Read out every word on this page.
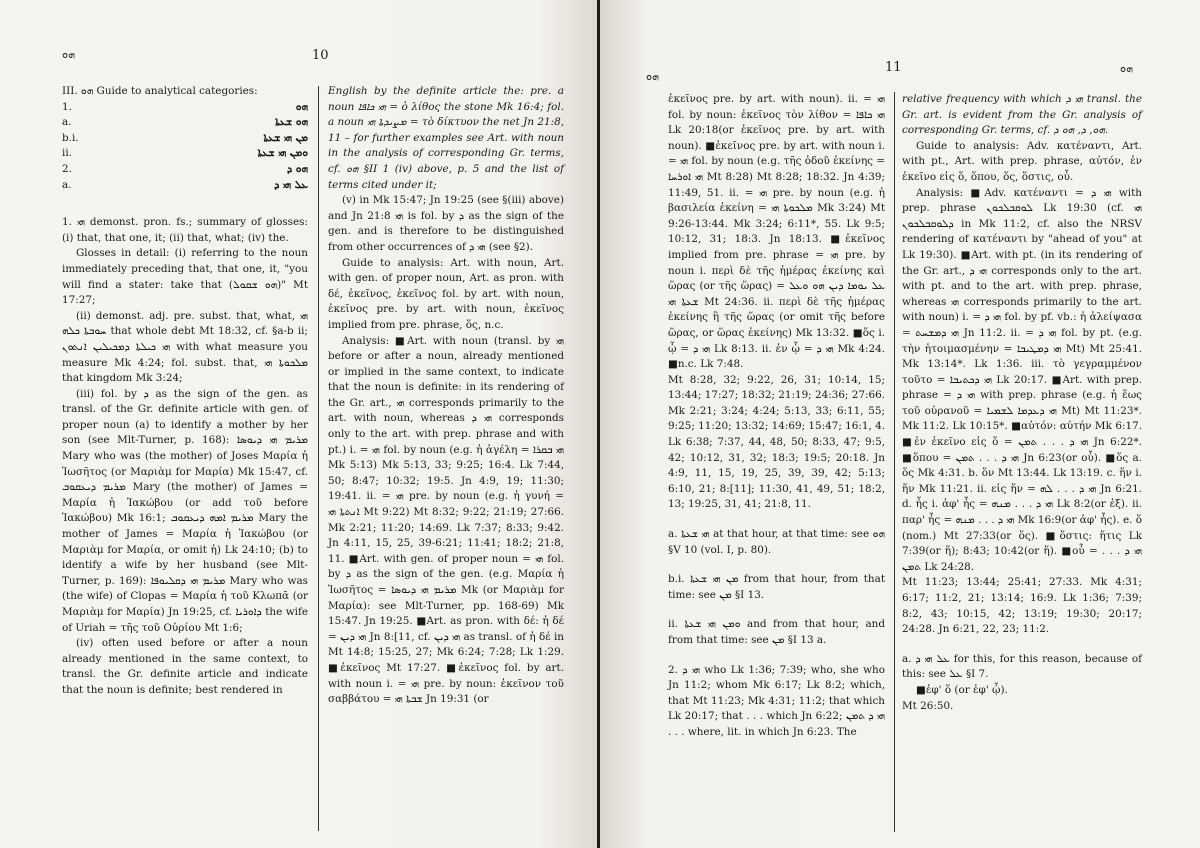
ܗܘ	10

III. ܗܘ Guide to analytical categories:

1.	ܗܘ
a.	ܗܘ ܫܥܬܐ
b.i.	ܡܢ ܗܝ ܫܥܬܐ
ii.	ܘܡܢ ܗܝ ܫܥܬܐ
2.	ܗܘ ܕ
a.	ܥܠ ܗܝ ܕ

1. ܗܝ demonst. pron. fs.; summary of glosses: (i) that, that one, it; (ii) that, what; (iv) the.

Glosses in detail: (i) referring to the noun immediately preceding that, that one, it, "you will find a stater: take that (ܗܘ ܫܩܘܠ)" Mt 17:27;

(ii) demonst. adj. pre. subst. that, what, ܗܝ ܚܘܒܬܐ ܟܠܗ that whole debt Mt 18:32, cf. §a-b ii; ܗܝ ܟܝܠܬܐ ܕܡܟܝܠܝܢ ܐܢܬܘܢ with what measure you measure Mk 4:24; fol. subst. that, ܡܠܟܘܬܐ ܗܝ that kingdom Mk 3:24;

(iii) fol. by ܕ as the sign of the gen. as transl. of the Gr. definite article with gen. of proper noun (a) to identify a mother by her son (see Mlt-Turner, p. 168): ܡܪܝܡ ܗܝ ܕܝܘܣܐ Mary who was (the mother) of Joses Μαρία ἡ Ἰωσῆτος (or Μαριὰμ for Μαρία) Mk 15:47, cf. ܡܪܝܡ ܕܝܥܩܘܒ Mary (the mother) of James = Μαρία ἡ Ἰακώβου (or add τοῦ before Ἰακώβου) Mk 16:1; ܡܪܝܡ ܐܡܗ ܕܝܥܩܘܒ Mary the mother of James = Μαρία ἡ Ἰακώβου (or Μαριὰμ for Μαρία, or omit ἡ) Lk 24:10; (b) to identify a wife by her husband (see Mlt-Turner, p. 169): ܡܪܝܡ ܗܝ ܕܩܠܝܘܦܐ Mary who was (the wife) of Clopas = Μαρία ἡ τοῦ Κλωπᾶ (or Μαριὰμ for Μαρία) Jn 19:25, cf. ܕܐܘܪܝܐ the wife of Uriah = τῆς τοῦ Οὐρίου Mt 1:6;

(iv) often used before or after a noun already mentioned in the same context, to transl. the Gr. definite article and indicate that the noun is definite; best rendered in

English by the definite article the: pre. a noun ܗܝ ܟܐܦܐ = ὁ λίθος the stone Mk 16:4; fol. a noun ܡܨܝܕܬܐ ܗܝ = τὸ δίκτυον the net Jn 21:8, 11 – for further examples see Art. with noun in the analysis of corresponding Gr. terms, cf. ܗܘ §II 1 (iv) above, p. 5 and the list of terms cited under it;

(v) in Mk 15:47; Jn 19:25 (see §(iii) above) and Jn 21:8 ܗܝ is fol. by ܕ as the sign of the gen. and is therefore to be distinguished from other occurrences of ܗܝ ܕ (see §2).

Guide to analysis: Art. with noun, Art. with gen. of proper noun, Art. as pron. with δέ, ἐκεῖνος, ἐκεῖνος fol. by art. with noun, ἐκεῖνος pre. by art. with noun, ἐκεῖνος implied from pre. phrase, ὅς, n.c.

Analysis: ■Art. with noun (transl. by ܗܝ before or after a noun, already mentioned or implied in the same context, to indicate that the noun is definite: in its rendering of the Gr. art., ܗܝ corresponds primarily to the art. with noun, whereas ܗܝ ܕ corresponds only to the art. with prep. phrase and with pt.) i. = ܗܝ fol. by noun (e.g. ἡ ἀγέλη = ܗܝ ܒܩܪܐ Mk 5:13) Mk 5:13, 33; 9:25; 16:4. Lk 7:44, 50; 8:47; 10:32; 19:5. Jn 4:9, 19; 11:30; 19:41. ii. = ܗܝ pre. by noun (e.g. ἡ γυνή = ܐܢܬܬܐ ܗܝ Mt 9:22) Mt 8:32; 9:22; 21:19; 27:66. Mk 2:21; 11:20; 14:69. Lk 7:37; 8:33; 9:42. Jn 4:11, 15, 25, 39-6:21; 11:41; 18:2; 21:8, 11. ■Art. with gen. of proper noun = ܗܝ fol. by ܕ as the sign of the gen. (e.g. Μαρία ἡ Ἰωσῆτος = ܡܪܝܡ ܗܝ ܕܝܘܣܐ Mk (or Μαριὰμ for Μαρία): see Mlt-Turner, pp. 168-69) Mk 15:47. Jn 19:25. ■Art. as pron. with δέ: ἡ δέ = ܗܝ ܕܝܢ Jn 8:[11, cf. ܗܝ ܕܝܢ as transl. of ἡ δέ in Mt 14:8; 15:25, 27; Mk 6:24; 7:28; Lk 1:29. ■ἐκεῖνος Mt 17:27. ■ἐκεῖνος fol. by art. with noun i. = ܗܝ pre. by noun: ἐκεῖνον τοῦ σαββάτου = ܫܒܬܐ ܗܝ Jn 19:31 (or

ܗܘ
11	ܗܘ

ἐκεῖνος pre. by art. with noun). ii. = ܗܝ fol. by noun: ἐκεῖνος τὸν λίθον = ܗܝ ܟܐܦܐ Lk 20:18(or ἐκεῖνος pre. by art. with noun). ■ἐκεῖνος pre. by art. with noun i. = ܗܝ fol. by noun (e.g. τῆς ὁδοῦ ἐκείνης = ܗܝ ܐܘܪܚܐ Mt 8:28) Mt 8:28; 18:32. Jn 4:39; 11:49, 51. ii. = ܗܝ pre. by noun (e.g. ἡ βασιλεία ἐκείνη = ܡܠܟܘܬܐ ܗܝ Mk 3:24) Mt 9:26-13:44. Mk 3:24; 6:11*, 55. Lk 9:5; 10:12, 31; 18:3. Jn 18:13. ■ἐκεῖνος implied from pre. phrase = ܗܝ pre. by noun i. περὶ δὲ τῆς ἡμέρας ἐκείνης καὶ ὥρας (or τῆς ὥρας) = ܥܠ ܝܘܡܐ ܕܝܢ ܗܘ ܘܥܠ ܫܥܬܐ ܗܝ Mt 24:36. ii. περὶ δὲ τῆς ἡμέρας ἐκείνης ἢ τῆς ὥρας (or omit τῆς before ὥρας, or ὥρας ἐκείνης) Mk 13:32. ■ὅς i. ᾧ = ܗܝ ܕ Lk 8:13. ii. ἐν ᾧ = ܗܝ ܕ Mk 4:24. ■n.c. Lk 7:48.

Mt 8:28, 32; 9:22, 26, 31; 10:14, 15; 13:44; 17:27; 18:32; 21:19; 24:36; 27:66. Mk 2:21; 3:24; 4:24; 5:13, 33; 6:11, 55; 9:25; 11:20; 13:32; 14:69; 15:47; 16:1, 4. Lk 6:38; 7:37, 44, 48, 50; 8:33, 47; 9:5, 42; 10:12, 31, 32; 18:3; 19:5; 20:18. Jn 4:9, 11, 15, 19, 25, 39, 39, 42; 5:13; 6:10, 21; 8:[11]; 11:30, 41, 49, 51; 18:2, 13; 19:25, 31, 41; 21:8, 11.

a. ܗܝ ܫܥܬܐ at that hour, at that time: see ܗܘ §V 10 (vol. I, p. 80).

b.i. ܡܢ ܗܝ ܫܥܬܐ from that hour, from that time: see ܡܢ §I 13.

ii. ܘܡܢ ܗܝ ܫܥܬܐ and from that hour, and from that time: see ܡܢ §I 13 a.

2. ܗܝ ܕ who Lk 1:36; 7:39; who, she who Jn 11:2; whom Mk 6:17; Lk 8:2; which, that Mt 11:23; Mk 4:31; 11:2; that which Lk 20:17; that . . . which Jn 6:22; ܗܝ ܕ ܬܡܢ . . . where, lit. in which Jn 6:23. The

relative frequency with which ܗܝ ܕ transl. the Gr. art. is evident from the Gr. analysis of corresponding Gr. terms, cf. ܗܘ, ܕ, ܗܘ ܕ.

Guide to analysis: Adv. κατέναντι, Art. with pt., Art. with prep. phrase, αὐτόν, ἐν ἐκεῖνο εἰς ὅ, ὅπου, ὅς, ὅστις, οὗ.

Analysis: ■Adv. κατέναντι = ܗܝ ܕ with prep. phrase ܠܘܩܒܠܟܘܢ Lk 19:30 (cf. ܗܝ ܕܠܘܩܒܠܟܘܢ in Mk 11:2, cf. also the NRSV rendering of κατέναντι by "ahead of you" at Lk 19:30). ■Art. with pt. (in its rendering of the Gr. art., ܗܝ ܕ corresponds only to the art. with pt. and to the art. with prep. phrase, whereas ܗܝ corresponds primarily to the art. with noun) i. = ܗܝ ܕ fol. by pf. vb.: ἡ ἀλείψασα = ܗܝ ܕܡܫܚܬ Jn 11:2. ii. = ܗܝ ܕ fol. by pt. (e.g. τὴν ἡτοιμασμένην = ܗܝ ܕܡܛܝܒܐ Mt) Mt 25:41. Mk 13:14*. Lk 1:36. iii. τὸ γεγραμμένον τοῦτο = ܗܝ ܕܟܬܝܒܐ Lk 20:17. ■Art. with prep. phrase = ܗܝ ܕ with prep. phrase (e.g. ἡ ἕως τοῦ οὐρανοῦ = ܗܝ ܕܥܕܡܐ ܠܫܡܝܐ Mt) Mt 11:23*. Mk 11:2. Lk 10:15*. ■αὐτόν: αὐτήν Mk 6:17. ■ἐν ἐκεῖνο εἰς ὅ = ܗܝ ܕ . . . ܬܡܢ Jn 6:22*. ■ὅπου = ܗܝ ܕ . . . ܬܡܢ Jn 6:23(or οὗ). ■ὅς a. ὅς Mk 4:31. b. ὅν Mt 13:44. Lk 13:19. c. ἥν i. ἥν Mk 11:21. ii. εἰς ἥν = ܗܝ ܕ . . . ܠܗ Jn 6:21. d. ἧς i. ἀφ' ἧς = ܗܝ ܕ . . . ܡܢܗ Lk 8:2(or ἐξ). ii. παρ' ἧς = ܗܝ ܕ . . . ܡܢܗ Mk 16:9(or ἀφ' ἧς). e. ὅ (nom.) Mt 27:33(or ὅς). ■ὅστις: ἥτις Lk 7:39(or ἥ); 8:43; 10:42(or ἥ). ■οὗ = ܗܝ ܕ . . . ܬܡܢ Lk 24:28.

Mt 11:23; 13:44; 25:41; 27:33. Mk 4:31; 6:17; 11:2, 21; 13:14; 16:9. Lk 1:36; 7:39; 8:2, 43; 10:15, 42; 13:19; 19:30; 20:17; 24:28. Jn 6:21, 22, 23; 11:2.

a. ܥܠ ܗܝ ܕ for this, for this reason, because of this: see ܥܠ §I 7.

■ἐφ' ὅ (or ἐφ' ᾧ).

Mt 26:50.
